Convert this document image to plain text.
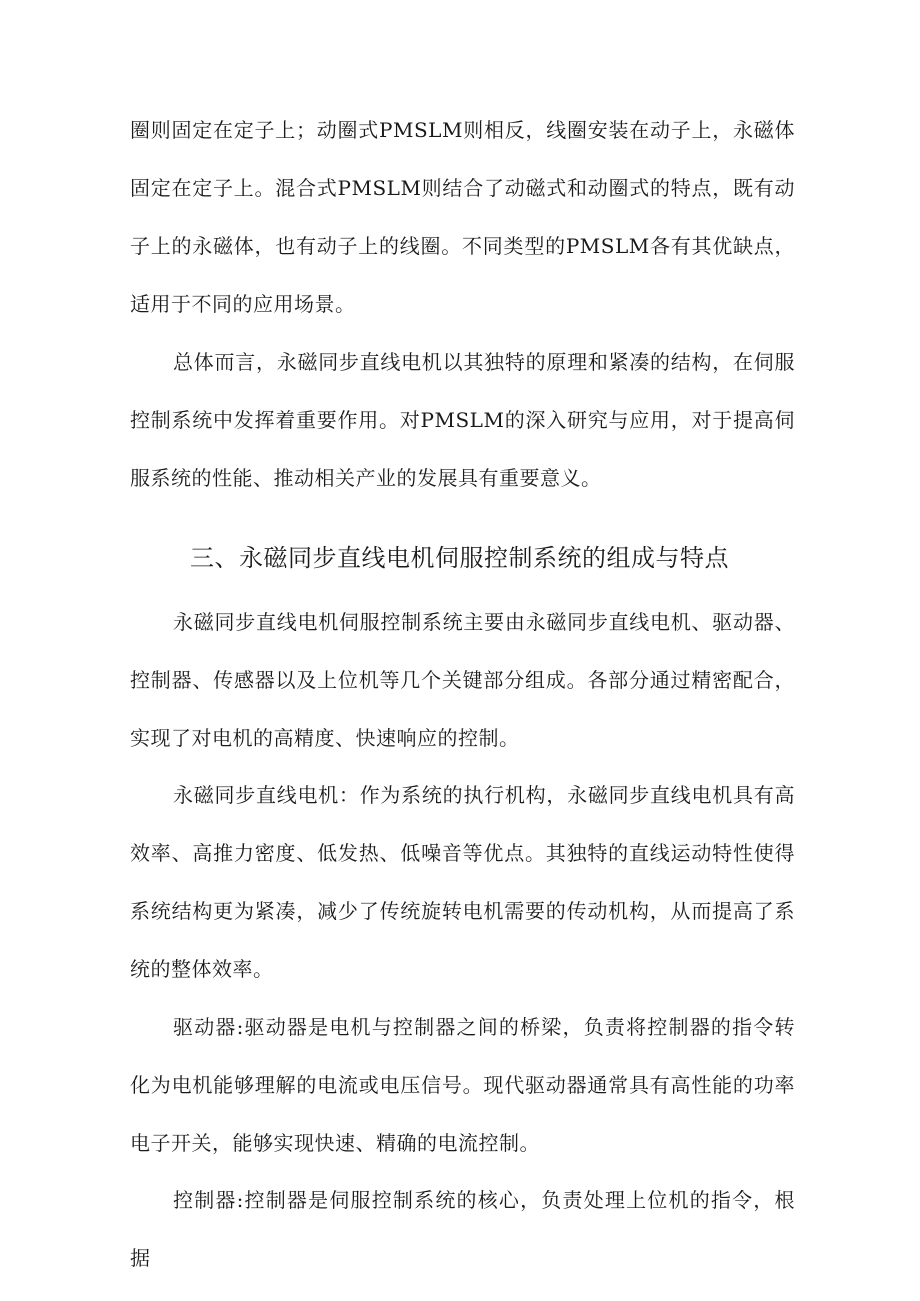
圈则固定在定子上；动圈式PMSLM则相反，线圈安装在动子上，永磁体固定在定子上。混合式PMSLM则结合了动磁式和动圈式的特点，既有动子上的永磁体，也有动子上的线圈。不同类型的PMSLM各有其优缺点，适用于不同的应用场景。

总体而言，永磁同步直线电机以其独特的原理和紧凑的结构，在伺服控制系统中发挥着重要作用。对PMSLM的深入研究与应用，对于提高伺服系统的性能、推动相关产业的发展具有重要意义。

三、永磁同步直线电机伺服控制系统的组成与特点

永磁同步直线电机伺服控制系统主要由永磁同步直线电机、驱动器、控制器、传感器以及上位机等几个关键部分组成。各部分通过精密配合，实现了对电机的高精度、快速响应的控制。

永磁同步直线电机：作为系统的执行机构，永磁同步直线电机具有高效率、高推力密度、低发热、低噪音等优点。其独特的直线运动特性使得系统结构更为紧凑，减少了传统旋转电机需要的传动机构，从而提高了系统的整体效率。

驱动器:驱动器是电机与控制器之间的桥梁，负责将控制器的指令转化为电机能够理解的电流或电压信号。现代驱动器通常具有高性能的功率电子开关，能够实现快速、精确的电流控制。

控制器:控制器是伺服控制系统的核心，负责处理上位机的指令，根据
